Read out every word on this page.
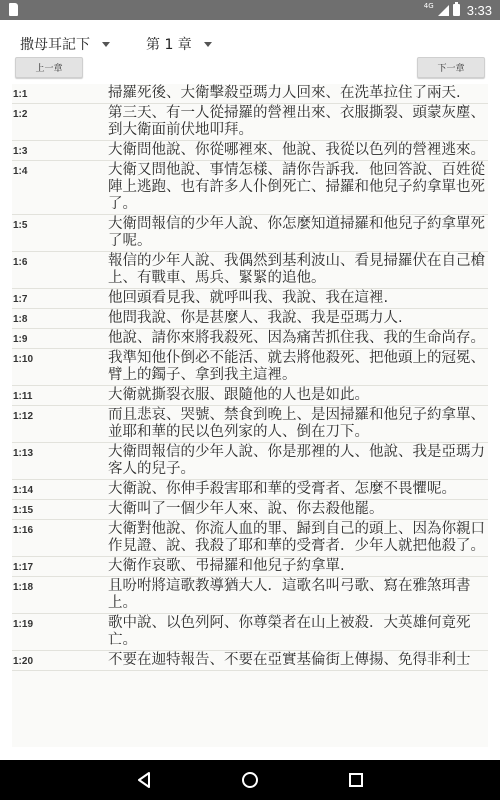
4G	3:33
撒母耳記下	第 1 章
上一章	下一章
1:1	掃羅死後、大衛擊殺亞瑪力人回來、在洗革拉住了兩天.
1:2	第三天、有一人從掃羅的營裡出來、衣服撕裂、頭蒙灰塵、到大衛面前伏地叩拜。
1:3	大衛問他說、你從哪裡來、他說、我從以色列的營裡逃來。
1:4	大衛又問他說、事情怎樣、請你告訴我．他回答說、百姓從陣上逃跑、也有許多人仆倒死亡、掃羅和他兒子約拿單也死了。
1:5	大衛問報信的少年人說、你怎麼知道掃羅和他兒子約拿單死了呢。
1:6	報信的少年人說、我偶然到基利波山、看見掃羅伏在自己槍上、有戰車、馬兵、緊緊的追他。
1:7	他回頭看見我、就呼叫我、我說、我在這裡.
1:8	他問我說、你是甚麼人、我說、我是亞瑪力人.
1:9	他說、請你來將我殺死、因為痛苦抓住我、我的生命尚存。
1:10	我準知他仆倒必不能活、就去將他殺死、把他頭上的冠冕、臂上的鐲子、拿到我主這裡。
1:11	大衛就撕裂衣服、跟隨他的人也是如此。
1:12	而且悲哀、哭號、禁食到晚上、是因掃羅和他兒子約拿單、並耶和華的民以色列家的人、倒在刀下。
1:13	大衛問報信的少年人說、你是那裡的人、他說、我是亞瑪力客人的兒子。
1:14	大衛說、你伸手殺害耶和華的受膏者、怎麼不畏懼呢。
1:15	大衛叫了一個少年人來、說、你去殺他罷。
1:16	大衛對他說、你流人血的罪、歸到自己的頭上、因為你親口作見證、說、我殺了耶和華的受膏者．少年人就把他殺了。
1:17	大衛作哀歌、弔掃羅和他兒子約拿單.
1:18	且吩咐將這歌教導猶大人．這歌名叫弓歌、寫在雅煞珥書上。
1:19	歌中說、以色列阿、你尊榮者在山上被殺．大英雄何竟死亡。
1:20	不要在迦特報告、不要在亞實基倫街上傳揚、免得非利士
